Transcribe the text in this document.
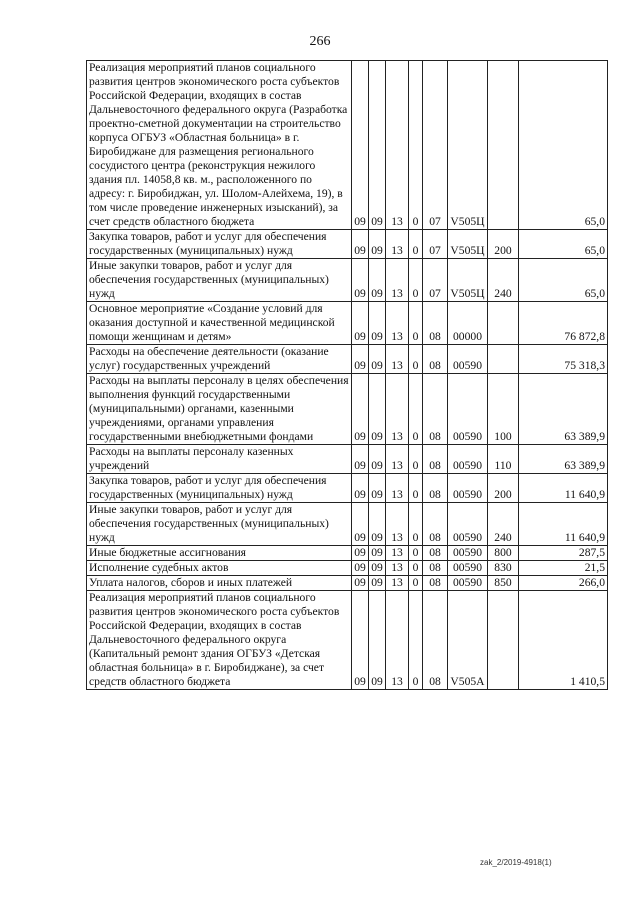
266
Реализация мероприятий планов социального развития центров экономического роста субъектов Российской Федерации, входящих в состав Дальневосточного федерального округа (Разработка проектно-сметной документации на строительство корпуса ОГБУЗ «Областная больница» в г. Биробиджане для размещения регионального сосудистого центра (реконструкция нежилого здания пл. 14058,8 кв. м., расположенного по адресу: г. Биробиджан, ул. Шолом-Алейхема, 19), в том числе проведение инженерных изысканий), за счет средств областного бюджета	09	09	13	0	07	V505Ц		65,0
Закупка товаров, работ и услуг для обеспечения государственных (муниципальных) нужд	09	09	13	0	07	V505Ц	200	65,0
Иные закупки товаров, работ и услуг для обеспечения государственных (муниципальных) нужд	09	09	13	0	07	V505Ц	240	65,0
Основное мероприятие «Создание условий для оказания доступной и качественной медицинской помощи женщинам и детям»	09	09	13	0	08	00000		76 872,8
Расходы на обеспечение деятельности (оказание услуг) государственных учреждений	09	09	13	0	08	00590		75 318,3
Расходы на выплаты персоналу в целях обеспечения выполнения функций государственными (муниципальными) органами, казенными учреждениями, органами управления государственными внебюджетными фондами	09	09	13	0	08	00590	100	63 389,9
Расходы на выплаты персоналу казенных учреждений	09	09	13	0	08	00590	110	63 389,9
Закупка товаров, работ и услуг для обеспечения государственных (муниципальных) нужд	09	09	13	0	08	00590	200	11 640,9
Иные закупки товаров, работ и услуг для обеспечения государственных (муниципальных) нужд	09	09	13	0	08	00590	240	11 640,9
Иные бюджетные ассигнования	09	09	13	0	08	00590	800	287,5
Исполнение судебных актов	09	09	13	0	08	00590	830	21,5
Уплата налогов, сборов и иных платежей	09	09	13	0	08	00590	850	266,0
Реализация мероприятий планов социального развития центров экономического роста субъектов Российской Федерации, входящих в состав Дальневосточного федерального округа (Капитальный ремонт здания ОГБУЗ «Детская областная больница» в г. Биробиджане), за счет средств областного бюджета	09	09	13	0	08	V505А		1 410,5
zak_2/2019-4918(1)
